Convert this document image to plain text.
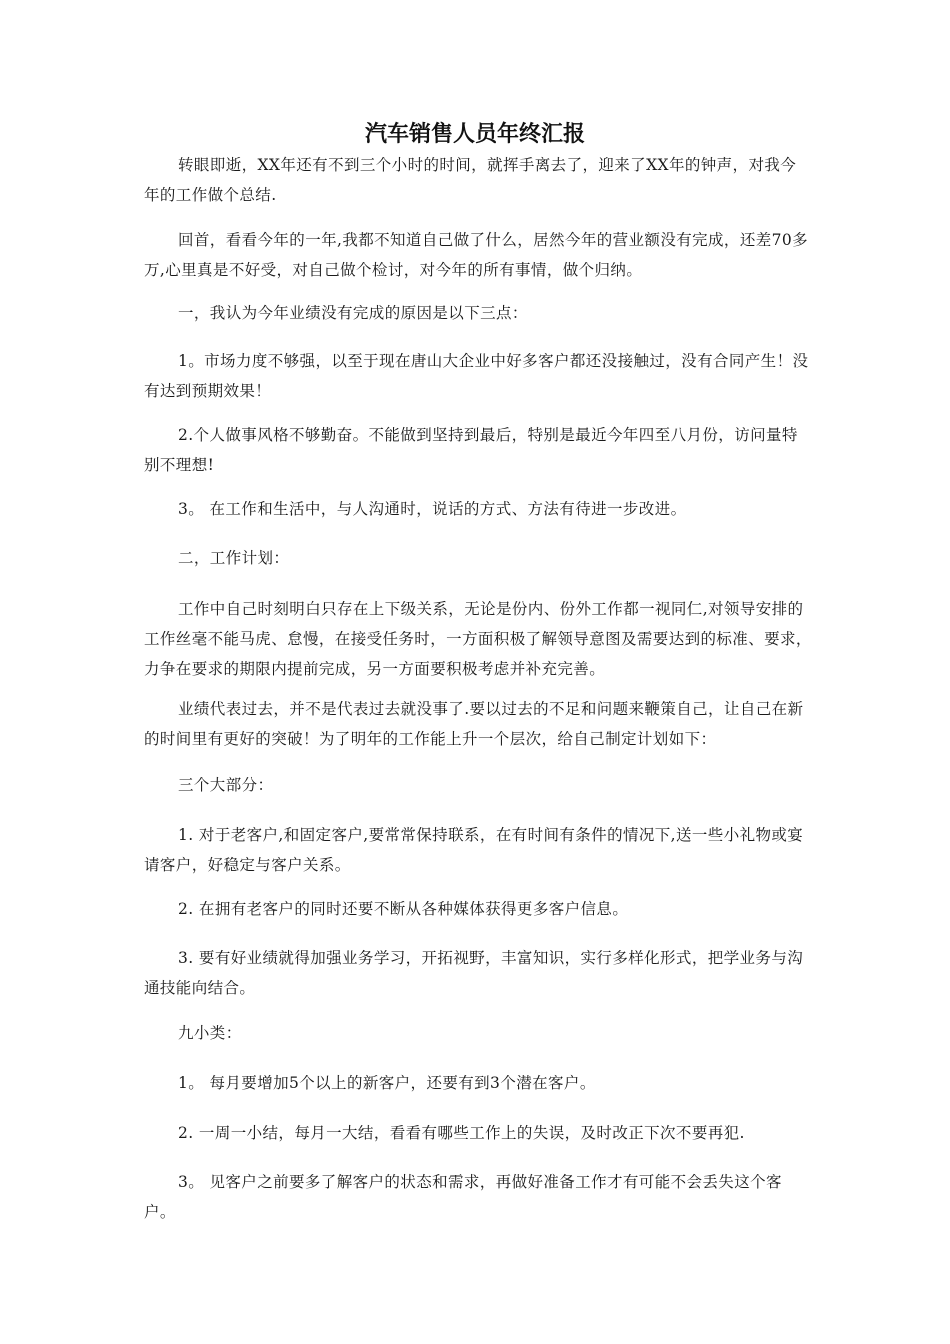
汽车销售人员年终汇报

转眼即逝，XX年还有不到三个小时的时间，就挥手离去了，迎来了XX年的钟声，对我今年的工作做个总结.

回首，看看今年的一年,我都不知道自己做了什么，居然今年的营业额没有完成，还差70多万,心里真是不好受，对自己做个检讨，对今年的所有事情，做个归纳。

一，我认为今年业绩没有完成的原因是以下三点：

1。市场力度不够强，以至于现在唐山大企业中好多客户都还没接触过，没有合同产生！没有达到预期效果！

2.个人做事风格不够勤奋。不能做到坚持到最后，特别是最近今年四至八月份，访问量特别不理想!

3。 在工作和生活中，与人沟通时，说话的方式、方法有待进一步改进。

二，工作计划：

工作中自己时刻明白只存在上下级关系，无论是份内、份外工作都一视同仁,对领导安排的工作丝毫不能马虎、怠慢，在接受任务时，一方面积极了解领导意图及需要达到的标准、要求，力争在要求的期限内提前完成，另一方面要积极考虑并补充完善。

业绩代表过去，并不是代表过去就没事了.要以过去的不足和问题来鞭策自己，让自己在新的时间里有更好的突破！为了明年的工作能上升一个层次，给自己制定计划如下：

三个大部分：

1. 对于老客户,和固定客户,要常常保持联系，在有时间有条件的情况下,送一些小礼物或宴请客户，好稳定与客户关系。

2. 在拥有老客户的同时还要不断从各种媒体获得更多客户信息。

3. 要有好业绩就得加强业务学习，开拓视野，丰富知识，实行多样化形式，把学业务与沟通技能向结合。

九小类：

1。 每月要增加5个以上的新客户，还要有到3个潜在客户。

2. 一周一小结，每月一大结，看看有哪些工作上的失误，及时改正下次不要再犯.

3。 见客户之前要多了解客户的状态和需求，再做好准备工作才有可能不会丢失这个客户。
